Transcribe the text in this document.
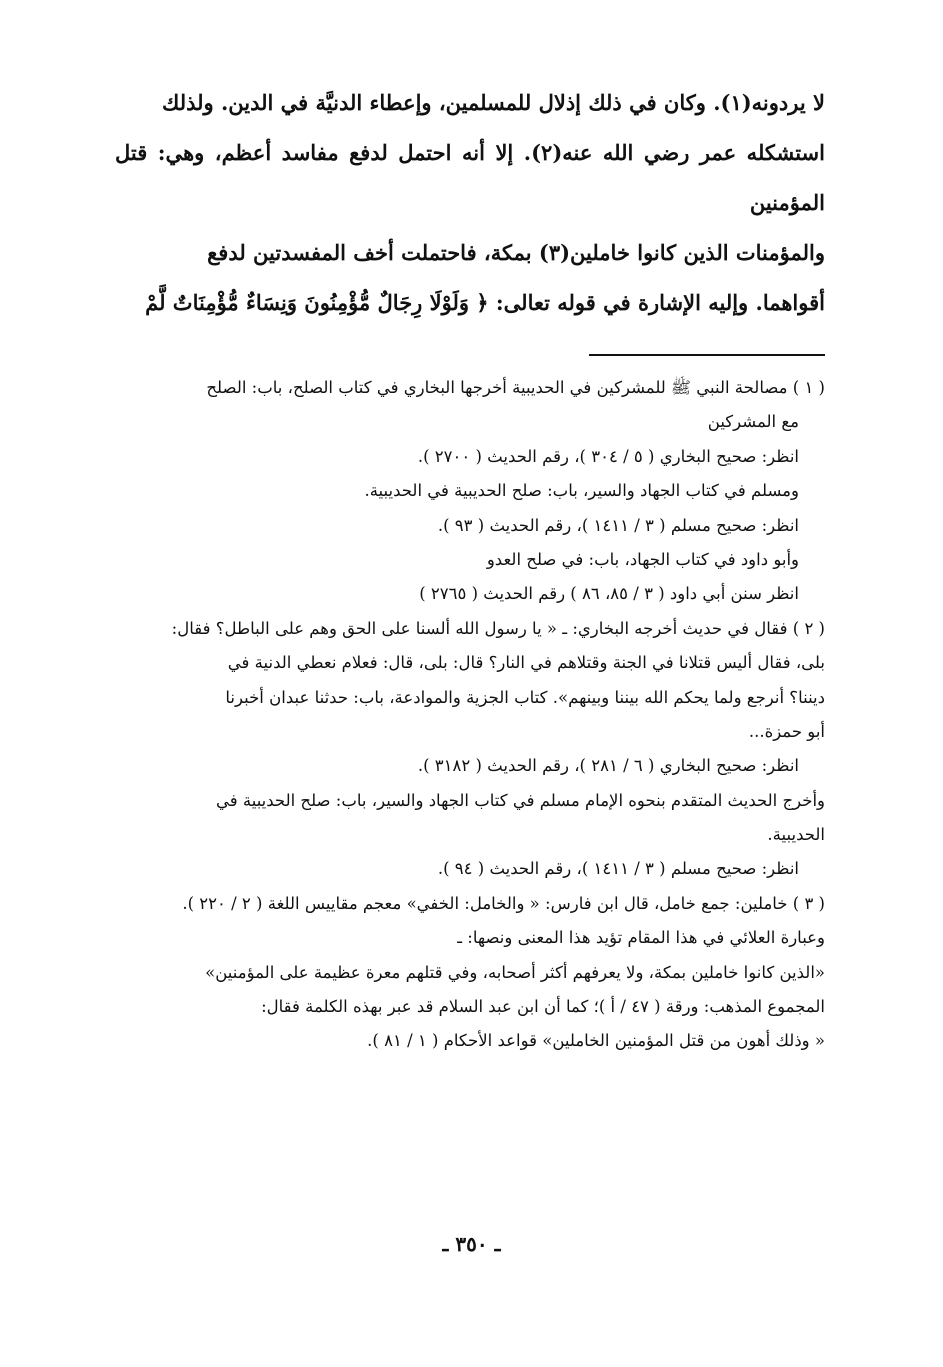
لا يردونه(١). وكان في ذلك إذلال للمسلمين، وإعطاء الدنيَّة في الدين. ولذلك

استشكله عمر رضي الله عنه(٢). إلا أنه احتمل لدفع مفاسد أعظم، وهي: قتل المؤمنين

والمؤمنات الذين كانوا خاملين(٣) بمكة، فاحتملت أخف المفسدتين لدفع

أقواهما. وإليه الإشارة في قوله تعالى: ﴿ وَلَوْلَا رِجَالٌ مُّؤْمِنُونَ وَنِسَاءٌ مُّؤْمِنَاتٌ لَّمْ

( ١ ) مصالحة النبي ﷺ للمشركين في الحديبية أخرجها البخاري في كتاب الصلح، باب: الصلح
مع المشركين
انظر: صحيح البخاري ( ٥ / ٣٠٤ )، رقم الحديث ( ٢٧٠٠ ).
ومسلم في كتاب الجهاد والسير، باب: صلح الحديبية في الحديبية.
انظر: صحيح مسلم ( ٣ / ١٤١١ )، رقم الحديث ( ٩٣ ).
وأبو داود في كتاب الجهاد، باب: في صلح العدو
انظر سنن أبي داود ( ٣ / ٨٥، ٨٦ ) رقم الحديث ( ٢٧٦٥ )
( ٢ ) فقال في حديث أخرجه البخاري: ـ « يا رسول الله ألسنا على الحق وهم على الباطل؟ فقال:
بلى، فقال أليس قتلانا في الجنة وقتلاهم في النار؟ قال: بلى، قال: فعلام نعطي الدنية في
ديننا؟ أنرجع ولما يحكم الله بيننا وبينهم». كتاب الجزية والموادعة، باب: حدثنا عبدان أخبرنا
أبو حمزة...
انظر: صحيح البخاري ( ٦ / ٢٨١ )، رقم الحديث ( ٣١٨٢ ).
وأخرج الحديث المتقدم بنحوه الإمام مسلم في كتاب الجهاد والسير، باب: صلح الحديبية في
الحديبية.
انظر: صحيح مسلم ( ٣ / ١٤١١ )، رقم الحديث ( ٩٤ ).
( ٣ ) خاملين: جمع خامل، قال ابن فارس: « والخامل: الخفي» معجم مقاييس اللغة ( ٢ / ٢٢٠ ).
وعبارة العلائي في هذا المقام تؤيد هذا المعنى ونصها: ـ
«الذين كانوا خاملين بمكة، ولا يعرفهم أكثر أصحابه، وفي قتلهم معرة عظيمة على المؤمنين»
المجموع المذهب: ورقة ( ٤٧ / أ )؛ كما أن ابن عبد السلام قد عبر بهذه الكلمة فقال:
« وذلك أهون من قتل المؤمنين الخاملين» قواعد الأحكام ( ١ / ٨١ ).
ـ ٣٥٠ ـ
